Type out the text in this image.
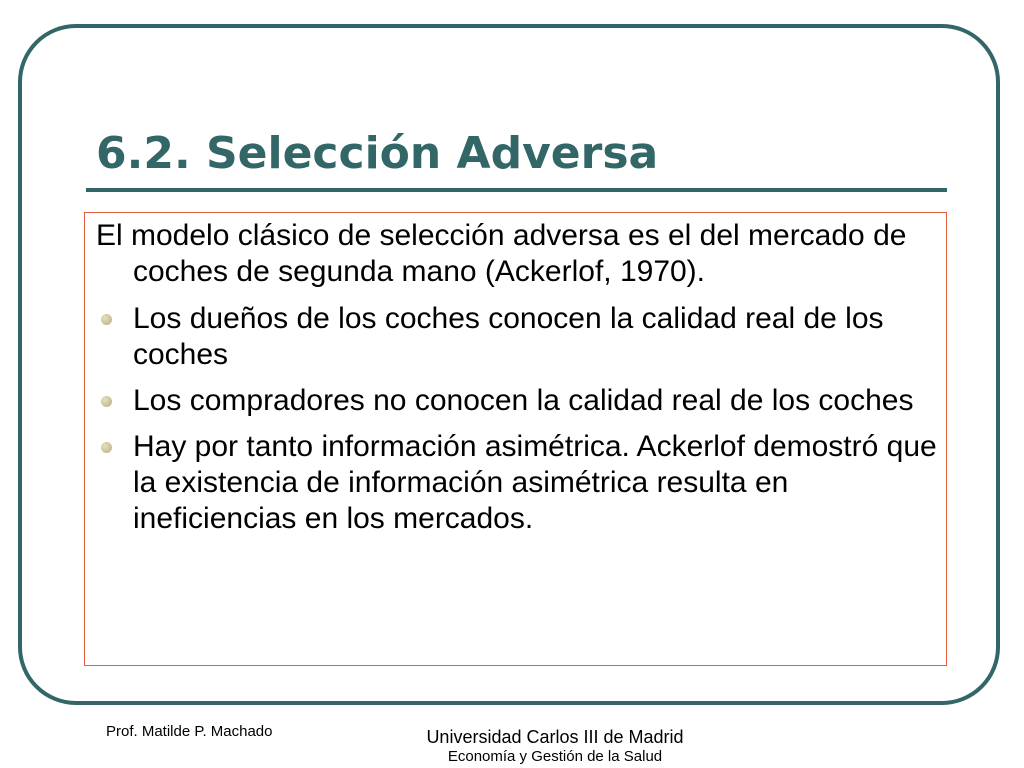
6.2. Selección Adversa

El modelo clásico de selección adversa es el del mercado de coches de segunda mano (Ackerlof, 1970).

Los dueños de los coches conocen la calidad real de los coches
Los compradores no conocen la calidad real de los coches
Hay por tanto información asimétrica. Ackerlof demostró que la existencia de información asimétrica resulta en ineficiencias en los mercados.
Prof. Matilde P. Machado	Universidad Carlos III de Madrid
Economía y Gestión de la Salud
